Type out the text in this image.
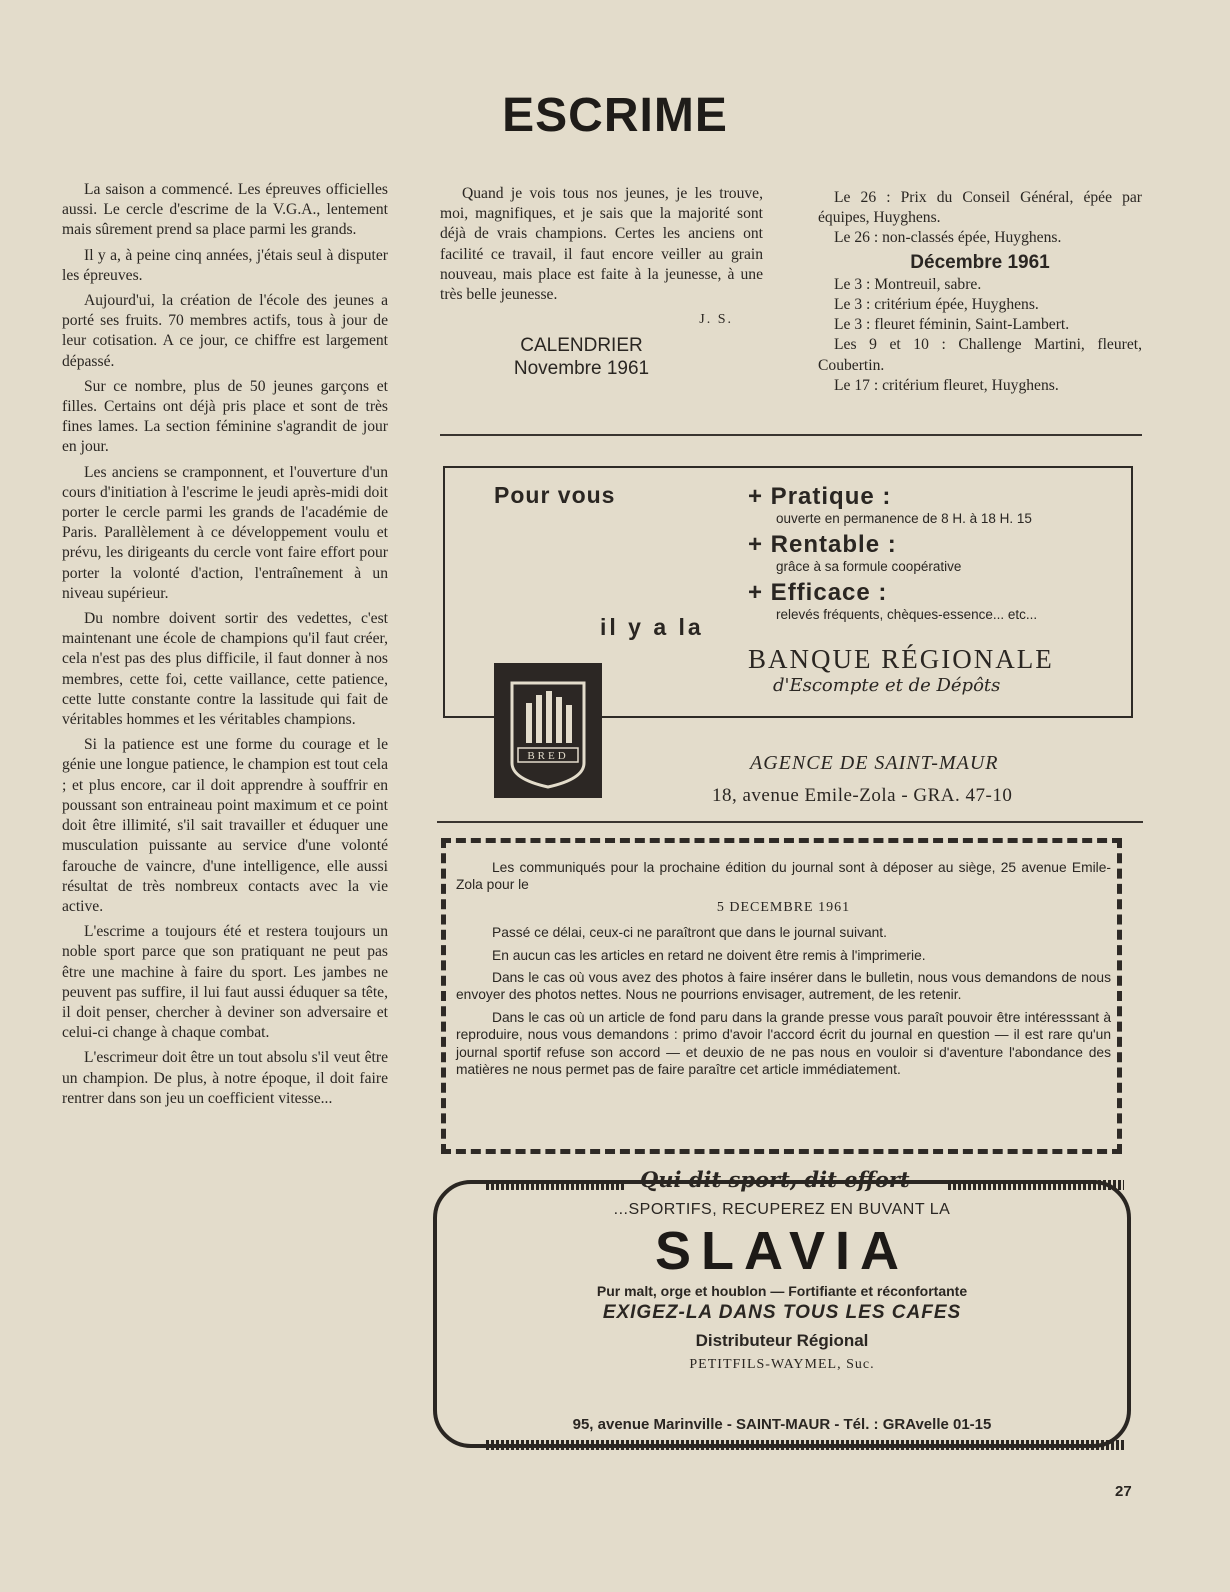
ESCRIME

La saison a commencé. Les épreuves officielles aussi. Le cercle d'escrime de la V.G.A., lentement mais sûrement prend sa place parmi les grands.

Il y a, à peine cinq années, j'étais seul à disputer les épreuves.

Aujourd'ui, la création de l'école des jeunes a porté ses fruits. 70 membres actifs, tous à jour de leur cotisation. A ce jour, ce chiffre est largement dépassé.

Sur ce nombre, plus de 50 jeunes garçons et filles. Certains ont déjà pris place et sont de très fines lames. La section féminine s'agrandit de jour en jour.

Les anciens se cramponnent, et l'ouverture d'un cours d'initiation à l'escrime le jeudi après-midi doit porter le cercle parmi les grands de l'académie de Paris. Parallèlement à ce développement voulu et prévu, les dirigeants du cercle vont faire effort pour porter la volonté d'action, l'entraînement à un niveau supérieur.

Du nombre doivent sortir des vedettes, c'est maintenant une école de champions qu'il faut créer, cela n'est pas des plus difficile, il faut donner à nos membres, cette foi, cette vaillance, cette patience, cette lutte constante contre la lassitude qui fait de véritables hommes et les véritables champions.

Si la patience est une forme du courage et le génie une longue patience, le champion est tout cela ; et plus encore, car il doit apprendre à souffrir en poussant son entraineau point maximum et ce point doit être illimité, s'il sait travailler et éduquer une musculation puissante au service d'une volonté farouche de vaincre, d'une intelligence, elle aussi résultat de très nombreux contacts avec la vie active.

L'escrime a toujours été et restera toujours un noble sport parce que son pratiquant ne peut pas être une machine à faire du sport. Les jambes ne peuvent pas suffire, il lui faut aussi éduquer sa tête, il doit penser, chercher à deviner son adversaire et celui-ci change à chaque combat.

L'escrimeur doit être un tout absolu s'il veut être un champion. De plus, à notre époque, il doit faire rentrer dans son jeu un coefficient vitesse...

Quand je vois tous nos jeunes, je les trouve, moi, magnifiques, et je sais que la majorité sont déjà de vrais champions. Certes les anciens ont facilité ce travail, il faut encore veiller au grain nouveau, mais place est faite à la jeunesse, à une très belle jeunesse.

J. S.
CALENDRIER
Novembre 1961

Le 26 : Prix du Conseil Général, épée par équipes, Huyghens.

Le 26 : non-classés épée, Huyghens.

Décembre 1961

Le 3 : Montreuil, sabre.

Le 3 : critérium épée, Huyghens.

Le 3 : fleuret féminin, Saint-Lambert.

Les 9 et 10 : Challenge Martini, fleuret, Coubertin.

Le 17 : critérium fleuret, Huyghens.

Pour vous
il y a la
+ Pratique :
ouverte en permanence de 8 H. à 18 H. 15
+ Rentable :
grâce à sa formule coopérative
+ Efficace :
relevés fréquents, chèques-essence... etc...
BANQUE RÉGIONALE
d'Escompte et de Dépôts
BRED	AGENCE DE SAINT-MAUR
18, avenue Emile-Zola - GRA. 47-10

Les communiqués pour la prochaine édition du journal sont à déposer au siège, 25 avenue Emile-Zola pour le

5 DECEMBRE 1961

Passé ce délai, ceux-ci ne paraîtront que dans le journal suivant.

En aucun cas les articles en retard ne doivent être remis à l'imprimerie.

Dans le cas où vous avez des photos à faire insérer dans le bulletin, nous vous demandons de nous envoyer des photos nettes. Nous ne pourrions envisager, autrement, de les retenir.

Dans le cas où un article de fond paru dans la grande presse vous paraît pouvoir être intéresssant à reproduire, nous vous demandons : primo d'avoir l'accord écrit du journal en question — il est rare qu'un journal sportif refuse son accord — et deuxio de ne pas nous en vouloir si d'aventure l'abondance des matières ne nous permet pas de faire paraître cet article immédiatement.

Qui dit sport, dit effort
...SPORTIFS, RECUPEREZ EN BUVANT LA
SLAVIA
Pur malt, orge et houblon — Fortifiante et réconfortante
EXIGEZ-LA DANS TOUS LES CAFES
Distributeur Régional
PETITFILS-WAYMEL, Suc.
95, avenue Marinville - SAINT-MAUR - Tél. : GRAvelle 01-15
27
